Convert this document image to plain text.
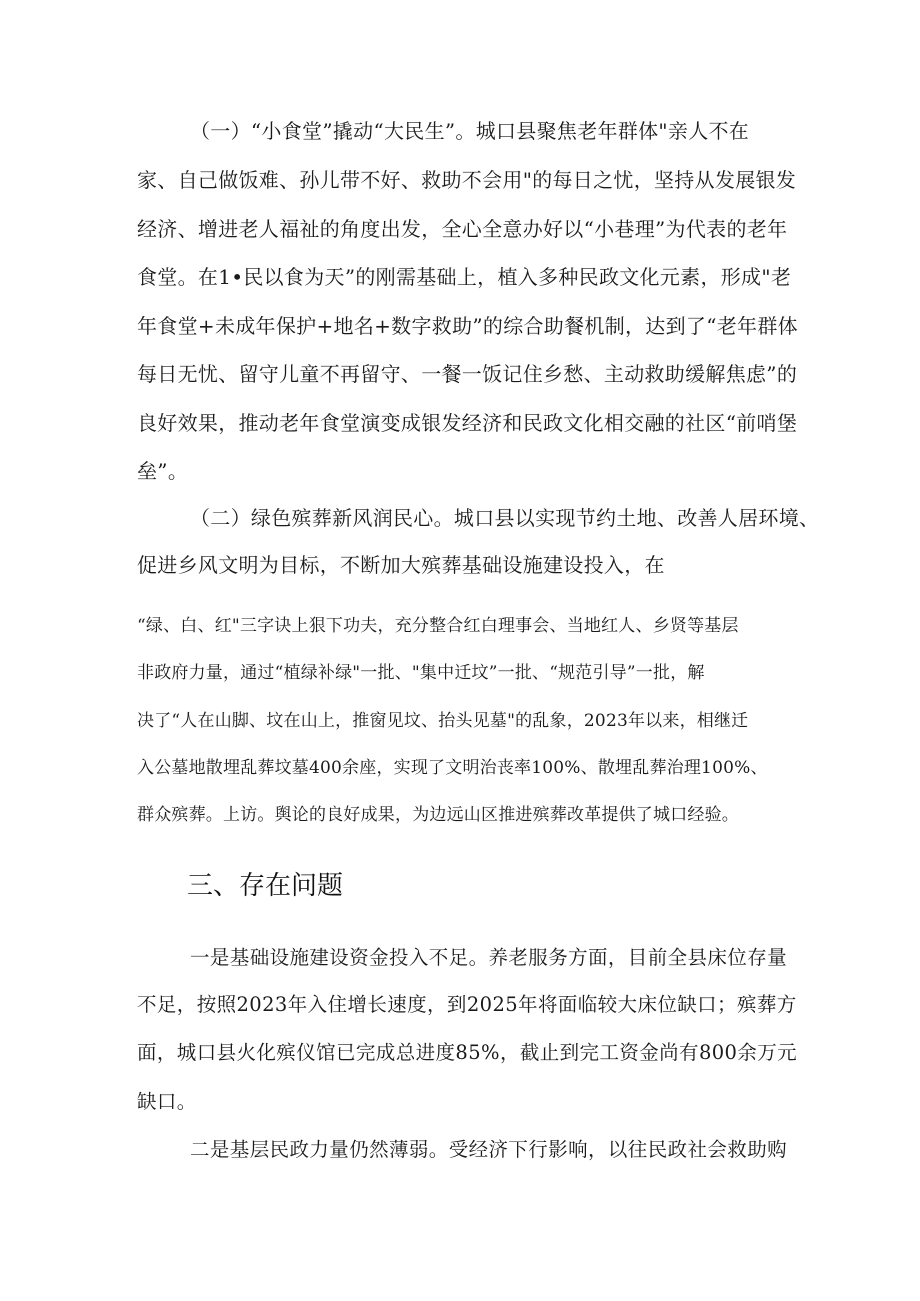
（一）“小食堂”撬动“大民生”。城口县聚焦老年群体"亲人不在
家、自己做饭难、孙儿带不好、救助不会用"的每日之忧，坚持从发展银发
经济、增进老人福祉的角度出发，全心全意办好以“小巷理”为代表的老年
食堂。在1•民以食为天”的刚需基础上，植入多种民政文化元素，形成"老
年食堂+未成年保护+地名+数字救助”的综合助餐机制，达到了“老年群体
每日无忧、留守儿童不再留守、一餐一饭记住乡愁、主动救助缓解焦虑”的
良好效果，推动老年食堂演变成银发经济和民政文化相交融的社区“前哨堡
垒”。
（二）绿色殡葬新风润民心。城口县以实现节约土地、改善人居环境、
促进乡风文明为目标，不断加大殡葬基础设施建设投入，在
“绿、白、红"三字诀上狠下功夫，充分整合红白理事会、当地红人、乡贤等基层
非政府力量，通过“植绿补绿"一批、"集中迁坟”一批、“规范引导”一批，解
决了“人在山脚、坟在山上，推窗见坟、抬头见墓"的乱象，2023年以来，相继迁
入公墓地散埋乱葬坟墓400余座，实现了文明治丧率100%、散埋乱葬治理100%、
群众殡葬。上访。舆论的良好成果，为边远山区推进殡葬改革提供了城口经验。
三、存在问题
一是基础设施建设资金投入不足。养老服务方面，目前全县床位存量
不足，按照2023年入住增长速度，到2025年将面临较大床位缺口；殡葬方
面，城口县火化殡仪馆已完成总进度85%，截止到完工资金尚有800余万元
缺口。
二是基层民政力量仍然薄弱。受经济下行影响，以往民政社会救助购
